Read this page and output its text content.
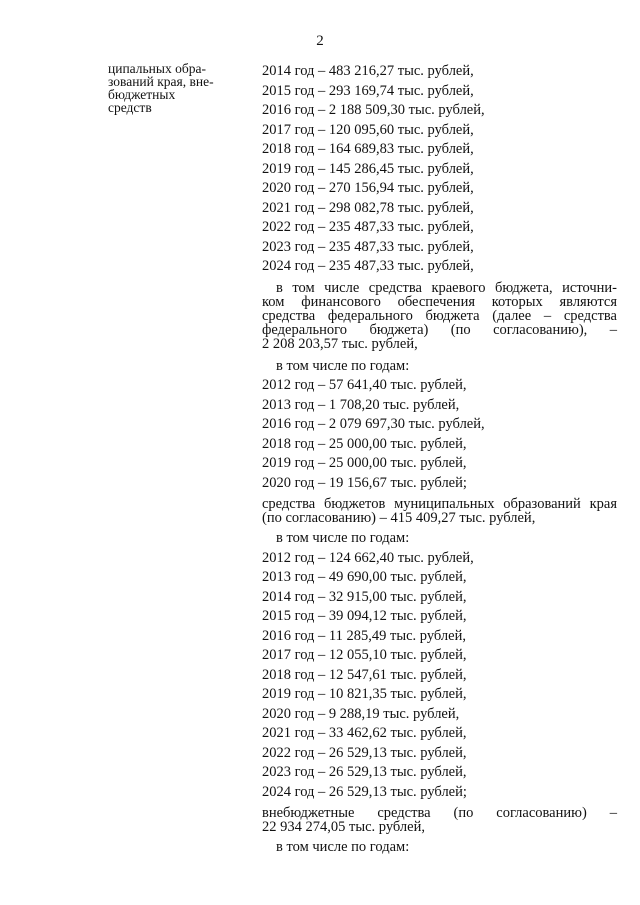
2
ципальных обра-
зований края, вне-
бюджетных
средств
2014 год – 483 216,27 тыс. рублей,
2015 год – 293 169,74 тыс. рублей,
2016 год – 2 188 509,30 тыс. рублей,
2017 год – 120 095,60 тыс. рублей,
2018 год – 164 689,83 тыс. рублей,
2019 год – 145 286,45 тыс. рублей,
2020 год – 270 156,94 тыс. рублей,
2021 год – 298 082,78 тыс. рублей,
2022 год – 235 487,33 тыс. рублей,
2023 год – 235 487,33 тыс. рублей,
2024 год – 235 487,33 тыс. рублей,
в том числе средства краевого бюджета, источни-
ком финансового обеспечения которых являются
средства федерального бюджета (далее – средства
федерального бюджета) (по согласованию), –
2 208 203,57 тыс. рублей,
в том числе по годам:
2012 год – 57 641,40 тыс. рублей,
2013 год – 1 708,20 тыс. рублей,
2016 год – 2 079 697,30 тыс. рублей,
2018 год – 25 000,00 тыс. рублей,
2019 год – 25 000,00 тыс. рублей,
2020 год – 19 156,67 тыс. рублей;
средства бюджетов муниципальных образований края
(по согласованию) – 415 409,27 тыс. рублей,
в том числе по годам:
2012 год – 124 662,40 тыс. рублей,
2013 год – 49 690,00 тыс. рублей,
2014 год – 32 915,00 тыс. рублей,
2015 год – 39 094,12 тыс. рублей,
2016 год – 11 285,49 тыс. рублей,
2017 год – 12 055,10 тыс. рублей,
2018 год – 12 547,61 тыс. рублей,
2019 год – 10 821,35 тыс. рублей,
2020 год – 9 288,19 тыс. рублей,
2021 год – 33 462,62 тыс. рублей,
2022 год – 26 529,13 тыс. рублей,
2023 год – 26 529,13 тыс. рублей,
2024 год – 26 529,13 тыс. рублей;
внебюджетные средства (по согласованию) –
22 934 274,05 тыс. рублей,
в том числе по годам:
